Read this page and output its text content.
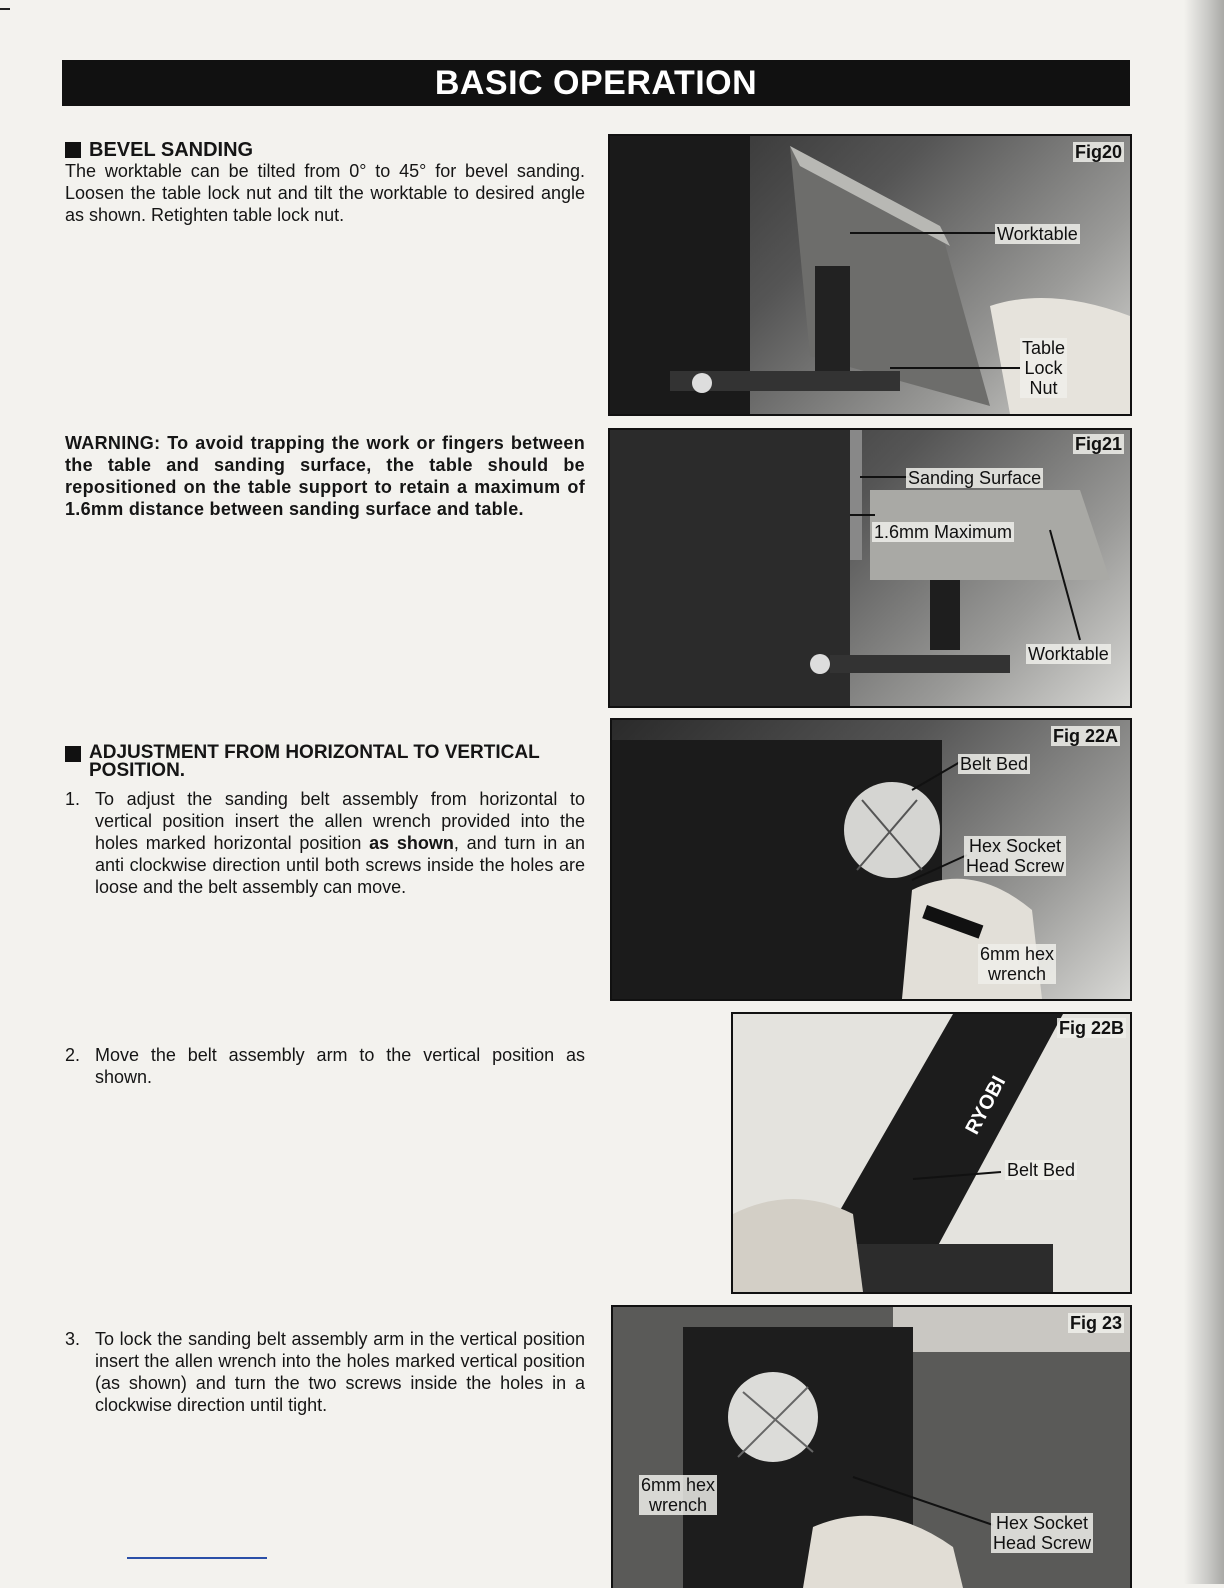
BASIC OPERATION
BEVEL SANDING
The worktable can be tilted from 0° to 45° for bevel sanding. Loosen the table lock nut and tilt the worktable to desired angle as shown. Retighten table lock nut.
WARNING: To avoid trapping the work or fingers between the table and sanding surface, the table should be repositioned on the table support to retain a maximum of 1.6mm distance between sanding surface and table.
ADJUSTMENT FROM HORIZONTAL TO VERTICAL
POSITION.
1. To adjust the sanding belt assembly from horizontal to vertical position insert the allen wrench provided into the holes marked horizontal position as shown, and turn in an anti clockwise direction until both screws inside the holes are loose and the belt assembly can move.
2. Move the belt assembly arm to the vertical position as shown.
3. To lock the sanding belt assembly arm in the vertical position insert the allen wrench into the holes marked vertical position (as shown) and turn the two screws inside the holes in a clockwise direction until tight.
Fig20
Worktable
Table
Lock
Nut
Fig21
Sanding Surface
1.6mm Maximum
Worktable
Fig 22A
Belt Bed
Hex Socket
Head Screw
6mm hex
wrench
RYOBI
Fig 22B
Belt Bed
Fig 23
6mm hex
wrench
Hex Socket
Head Screw
